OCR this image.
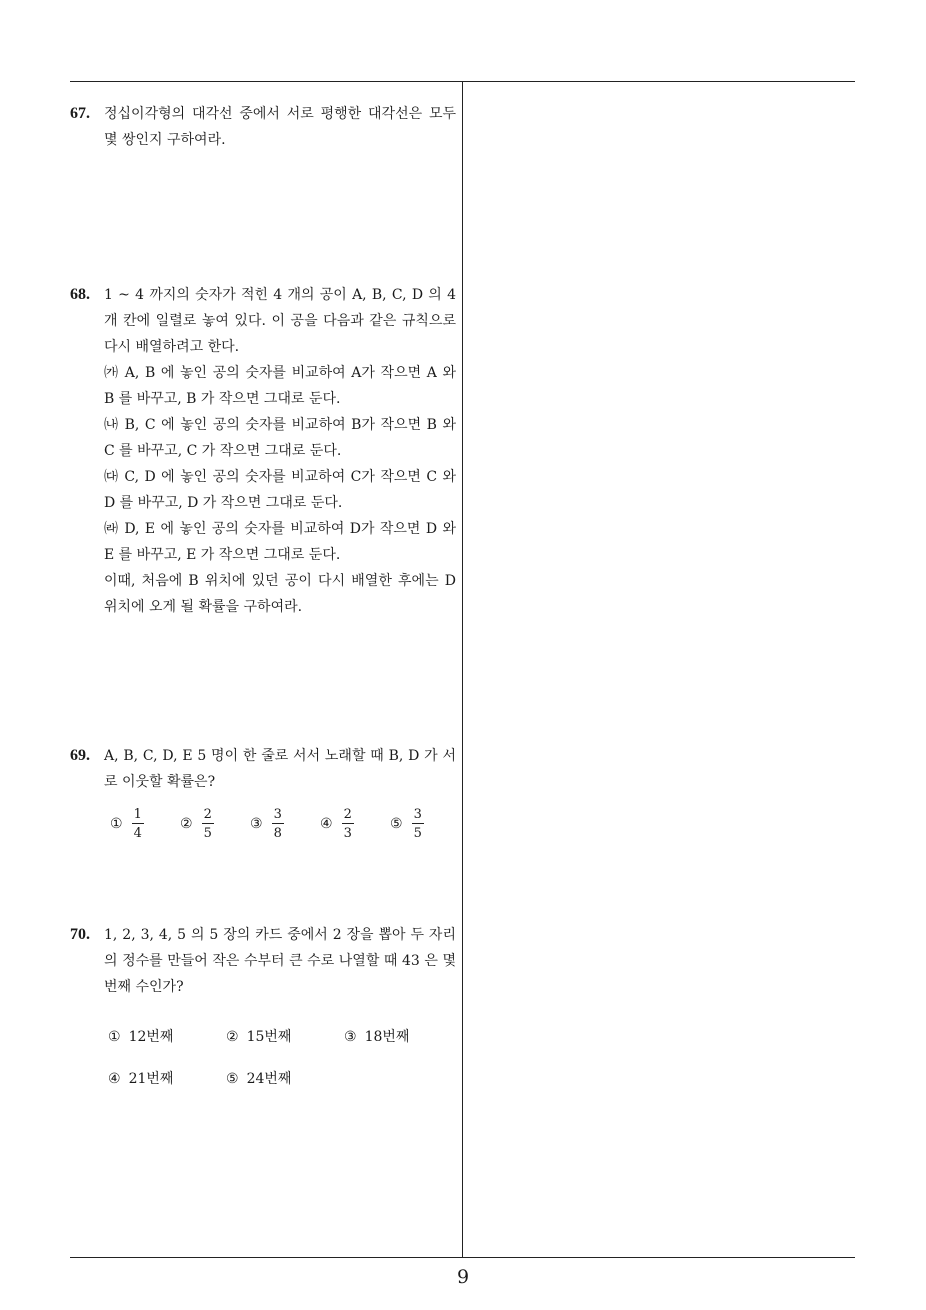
67.	정십이각형의 대각선 중에서 서로 평행한 대각선은 모두 몇 쌍인지 구하여라.
68.	1 ~ 4 까지의 숫자가 적힌 4 개의 공이 A, B, C, D 의 4 개 칸에 일렬로 놓여 있다. 이 공을 다음과 같은 규칙으로 다시 배열하려고 한다.
㈎ A, B 에 놓인 공의 숫자를 비교하여 A가 작으면 A 와 B 를 바꾸고, B 가 작으면 그대로 둔다.
㈏ B, C 에 놓인 공의 숫자를 비교하여 B가 작으면 B 와 C 를 바꾸고, C 가 작으면 그대로 둔다.
㈐ C, D 에 놓인 공의 숫자를 비교하여 C가 작으면 C 와 D 를 바꾸고, D 가 작으면 그대로 둔다.
㈑ D, E 에 놓인 공의 숫자를 비교하여 D가 작으면 D 와 E 를 바꾸고, E 가 작으면 그대로 둔다.
이때, 처음에 B 위치에 있던 공이 다시 배열한 후에는 D 위치에 오게 될 확률을 구하여라.
69.	A, B, C, D, E 5 명이 한 줄로 서서 노래할 때 B, D 가 서로 이웃할 확률은?
① $\frac{1}{4}$	② $\frac{2}{5}$	③ $\frac{3}{8}$	④ $\frac{2}{3}$	⑤ $\frac{3}{5}$
70.	1, 2, 3, 4, 5 의 5 장의 카드 중에서 2 장을 뽑아 두 자리의 정수를 만들어 작은 수부터 큰 수로 나열할 때 43 은 몇 번째 수인가?
① 12번째	② 15번째	③ 18번째
④ 21번째	⑤ 24번째
9
